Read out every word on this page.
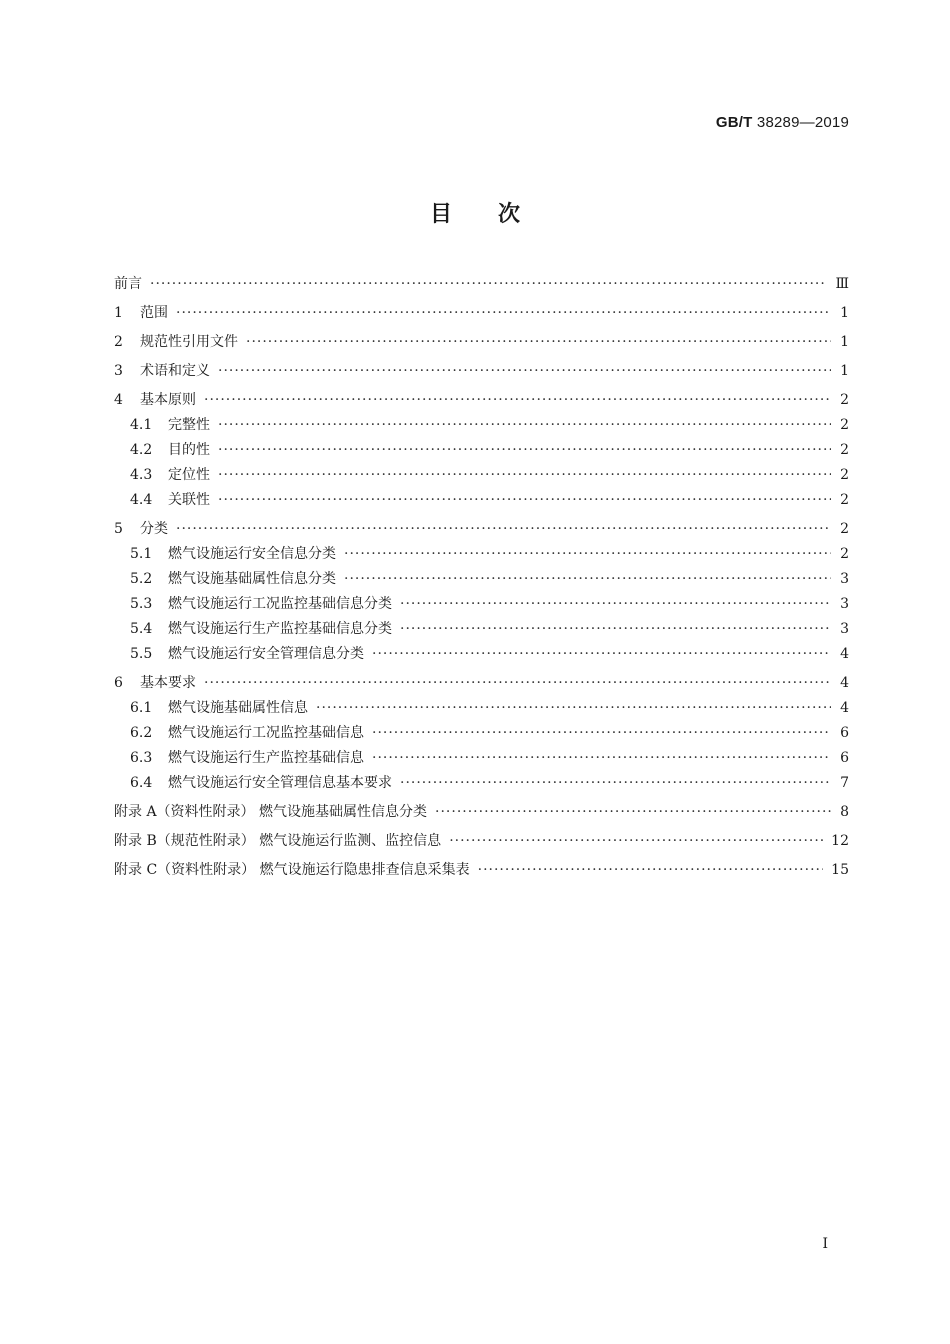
GB/T 38289—2019
目次
前言 ·····	Ⅲ
1	范围 ·····	1
2	规范性引用文件 ·····	1
3	术语和定义 ·····	1
4	基本原则 ·····	2
4.1	完整性 ·····	2
4.2	目的性 ·····	2
4.3	定位性 ·····	2
4.4	关联性 ·····	2
5	分类 ·····	2
5.1	燃气设施运行安全信息分类 ·····	2
5.2	燃气设施基础属性信息分类 ·····	3
5.3	燃气设施运行工况监控基础信息分类 ·····	3
5.4	燃气设施运行生产监控基础信息分类 ·····	3
5.5	燃气设施运行安全管理信息分类 ·····	4
6	基本要求 ·····	4
6.1	燃气设施基础属性信息 ·····	4
6.2	燃气设施运行工况监控基础信息 ·····	6
6.3	燃气设施运行生产监控基础信息 ·····	6
6.4	燃气设施运行安全管理信息基本要求 ·····	7
附录 A（资料性附录） 燃气设施基础属性信息分类 ·····	8
附录 B（规范性附录） 燃气设施运行监测、监控信息 ·····	12
附录 C（资料性附录） 燃气设施运行隐患排查信息采集表 ·····	15
Ⅰ
